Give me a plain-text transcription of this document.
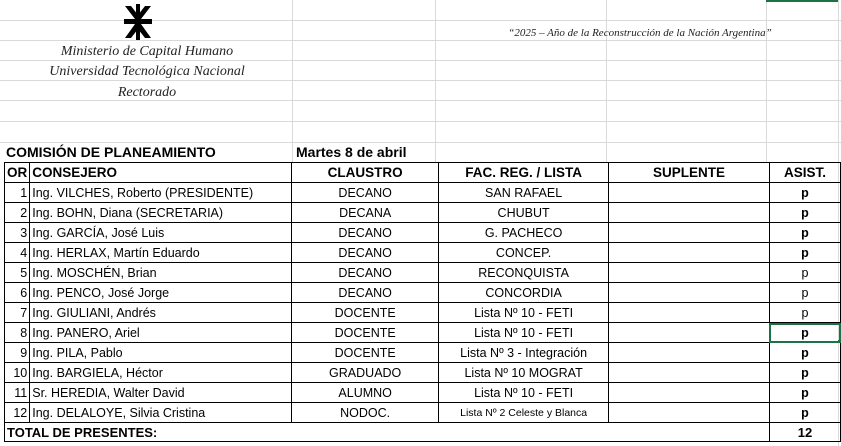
Ministerio de Capital Humano
Universidad Tecnológica Nacional
Rectorado
“2025 – Año de la Reconstrucción de la Nación Argentina”
COMISIÓN DE PLANEAMIENTO	Martes 8 de abril
OR	CONSEJERO	CLAUSTRO	FAC. REG. / LISTA	SUPLENTE	ASIST.
1	Ing. VILCHES, Roberto (PRESIDENTE)	DECANO	SAN RAFAEL		p
2	Ing. BOHN, Diana (SECRETARIA)	DECANA	CHUBUT		p
3	Ing. GARCÍA, José Luis	DECANO	G. PACHECO		p
4	Ing. HERLAX, Martín Eduardo	DECANO	CONCEP.		p
5	Ing. MOSCHÉN, Brian	DECANO	RECONQUISTA		p
6	Ing. PENCO, José Jorge	DECANO	CONCORDIA		p
7	Ing. GIULIANI, Andrés	DOCENTE	Lista Nº 10 - FETI		p
8	Ing. PANERO, Ariel	DOCENTE	Lista Nº 10 - FETI		p

9	Ing. PILA, Pablo	DOCENTE	Lista Nº 3 - Integración		p
10	Ing. BARGIELA, Héctor	GRADUADO	Lista Nº 10 MOGRAT		p
11	Sr. HEREDIA, Walter David	ALUMNO	Lista Nº 10 - FETI		p
12	Ing. DELALOYE, Silvia Cristina	NODOC.	Lista Nº 2 Celeste y Blanca		p
TOTAL DE PRESENTES:					12
